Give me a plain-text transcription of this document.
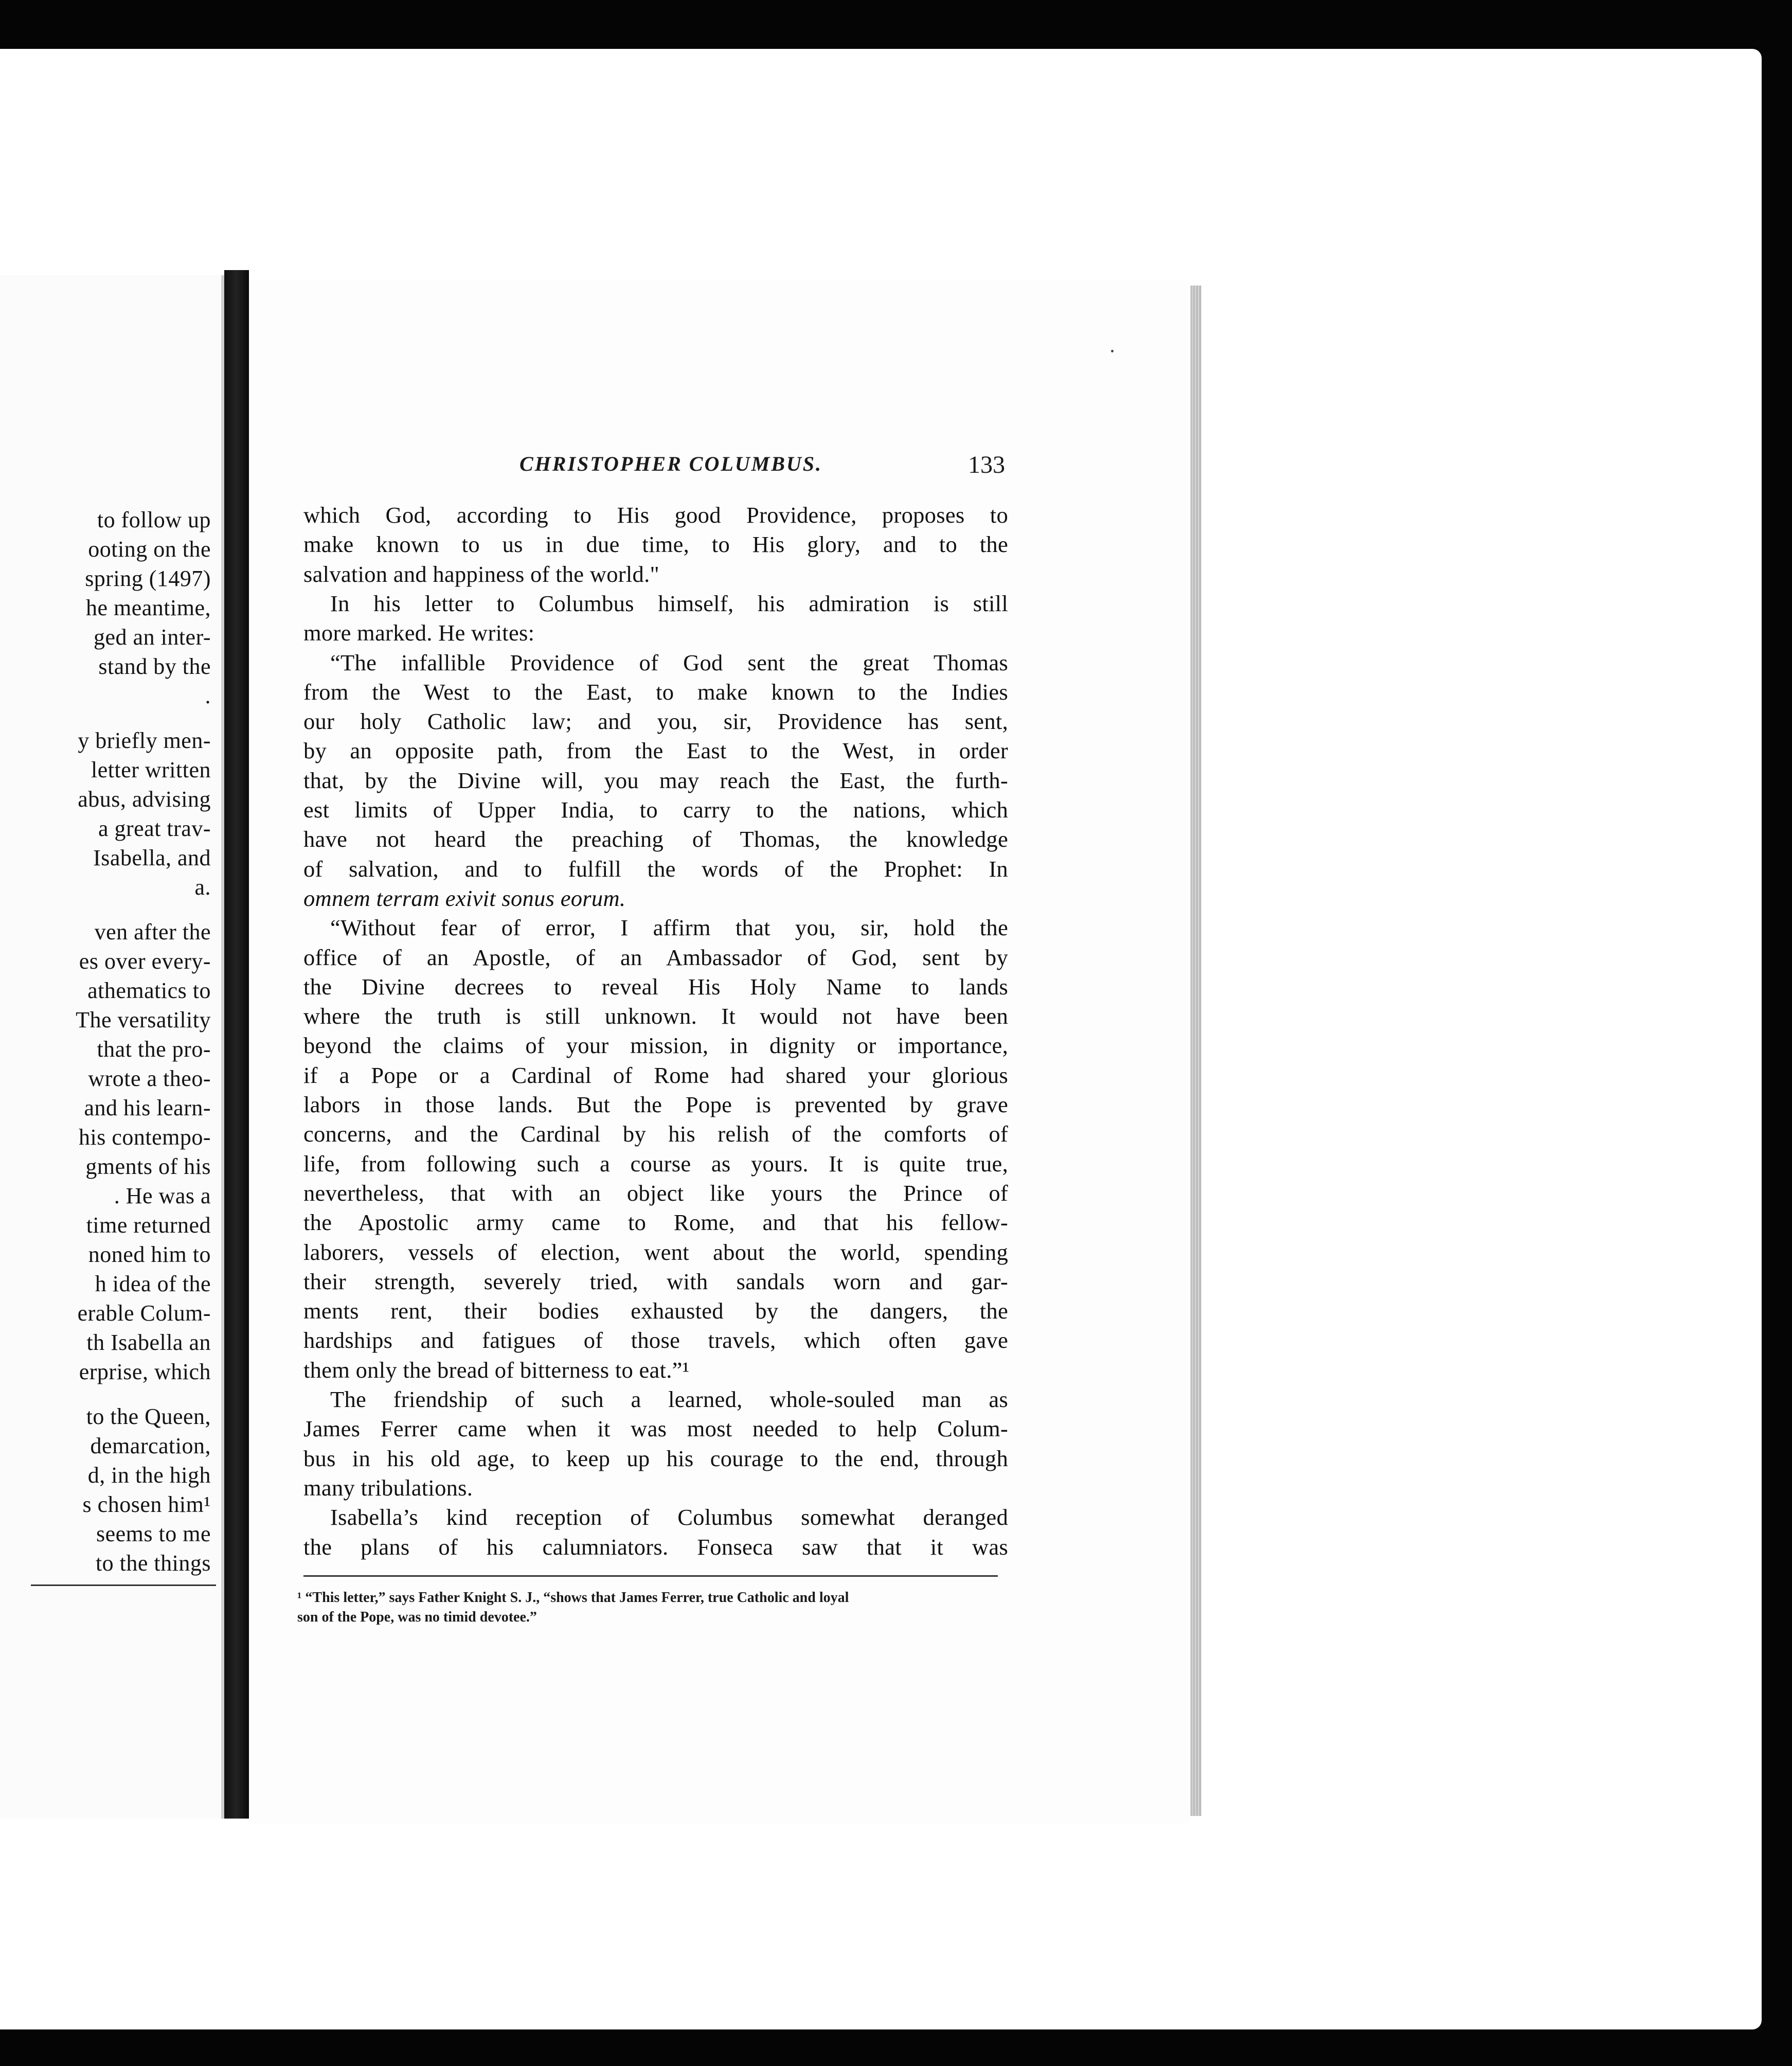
to follow up
ooting on the
spring (1497)
he meantime,
ged an inter-
stand by the
.
y briefly men-
letter written
abus, advising
a great trav-
Isabella, and
a.
ven after the
es over every-
athematics to
The versatility
that the pro-
wrote a theo-
and his learn-
his contempo-
gments of his
. He was a
time returned
noned him to
h idea of the
erable Colum-
th Isabella an
erprise, which
to the Queen,
demarcation,
d, in the high
s chosen him¹
seems to me
to the things
CHRISTOPHER COLUMBUS.	133
which God, according to His good Providence, proposes to
make known to us in due time, to His glory, and to the
salvation and happiness of the world."
In his letter to Columbus himself, his admiration is still
more marked. He writes:
“The infallible Providence of God sent the great Thomas
from the West to the East, to make known to the Indies
our holy Catholic law; and you, sir, Providence has sent,
by an opposite path, from the East to the West, in order
that, by the Divine will, you may reach the East, the furth-
est limits of Upper India, to carry to the nations, which
have not heard the preaching of Thomas, the knowledge
of salvation, and to fulfill the words of the Prophet: In
omnem terram exivit sonus eorum.
“Without fear of error, I affirm that you, sir, hold the
office of an Apostle, of an Ambassador of God, sent by
the Divine decrees to reveal His Holy Name to lands
where the truth is still unknown. It would not have been
beyond the claims of your mission, in dignity or importance,
if a Pope or a Cardinal of Rome had shared your glorious
labors in those lands. But the Pope is prevented by grave
concerns, and the Cardinal by his relish of the comforts of
life, from following such a course as yours. It is quite true,
nevertheless, that with an object like yours the Prince of
the Apostolic army came to Rome, and that his fellow-
laborers, vessels of election, went about the world, spending
their strength, severely tried, with sandals worn and gar-
ments rent, their bodies exhausted by the dangers, the
hardships and fatigues of those travels, which often gave
them only the bread of bitterness to eat.”¹
The friendship of such a learned, whole-souled man as
James Ferrer came when it was most needed to help Colum-
bus in his old age, to keep up his courage to the end, through
many tribulations.
Isabella’s kind reception of Columbus somewhat deranged
the plans of his calumniators. Fonseca saw that it was
¹ “This letter,” says Father Knight S. J., “shows that James Ferrer, true Catholic and loyal
son of the Pope, was no timid devotee.”
